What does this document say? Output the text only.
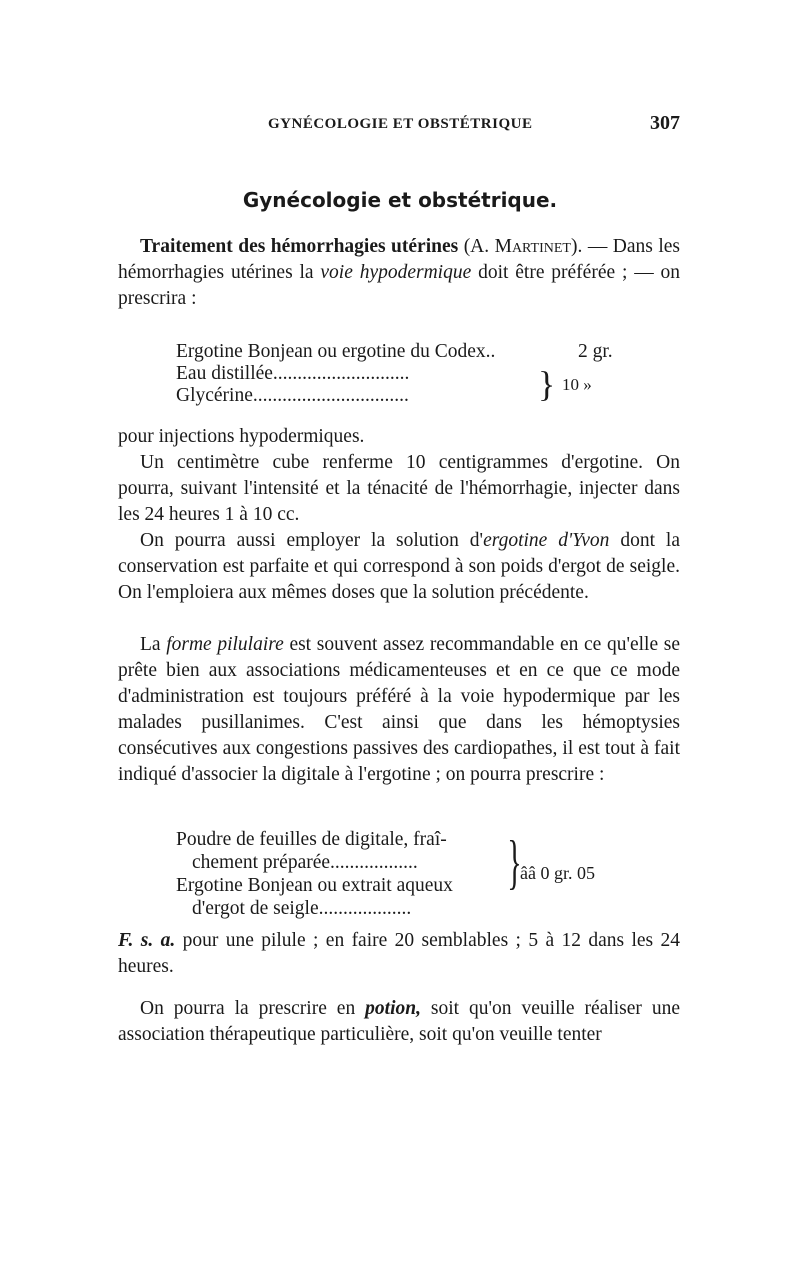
GYNÉCOLOGIE ET OBSTÉTRIQUE	307
Gynécologie et obstétrique.
Traitement des hémorrhagies utérines (A. Martinet). — Dans les hémorrhagies utérines la voie hypodermique doit être préférée ; — on prescrira :
Ergotine Bonjean ou ergotine du Codex..	2 gr.
Eau distillée............................
Glycérine................................	} 10 »
pour injections hypodermiques.
Un centimètre cube renferme 10 centigrammes d'ergotine. On pourra, suivant l'intensité et la ténacité de l'hémorrhagie, injecter dans les 24 heures 1 à 10 cc.
On pourra aussi employer la solution d'ergotine d'Yvon dont la conservation est parfaite et qui correspond à son poids d'ergot de seigle. On l'emploiera aux mêmes doses que la solution précédente.
La forme pilulaire est souvent assez recommandable en ce qu'elle se prête bien aux associations médicamenteuses et en ce que ce mode d'administration est toujours préféré à la voie hypodermique par les malades pusillanimes. C'est ainsi que dans les hémoptysies consécutives aux congestions passives des cardiopathes, il est tout à fait indiqué d'associer la digitale à l'ergotine ; on pourra prescrire :
Poudre de feuilles de digitale, fraî-
chement préparée..................
Ergotine Bonjean ou extrait aqueux
d'ergot de seigle...................
}
ââ 0 gr. 05
F. s. a. pour une pilule ; en faire 20 semblables ; 5 à 12 dans les 24 heures.
On pourra la prescrire en potion, soit qu'on veuille réaliser une association thérapeutique particulière, soit qu'on veuille tenter
